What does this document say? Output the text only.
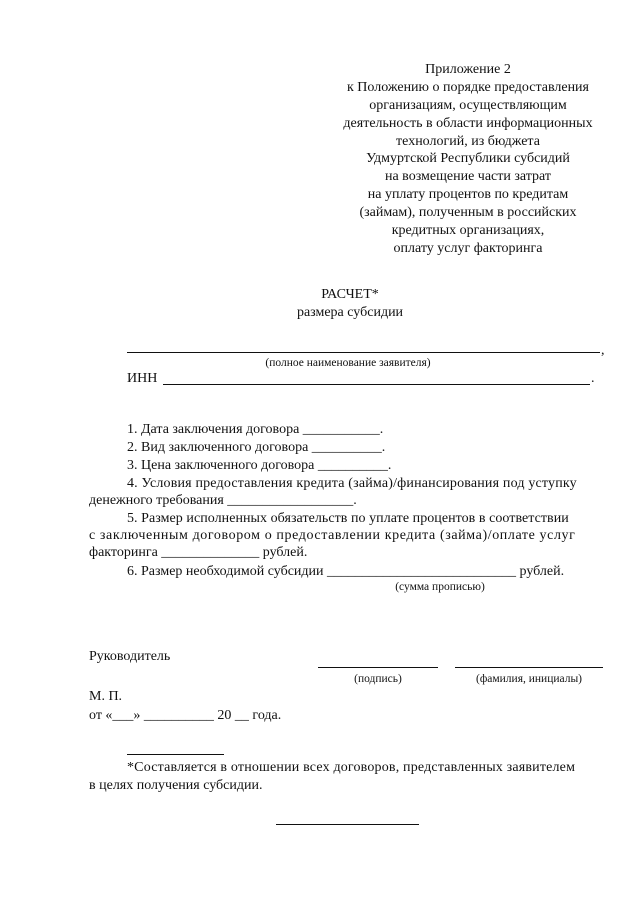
Приложение 2
к Положению о порядке предоставления
организациям, осуществляющим
деятельность в области информационных
технологий, из бюджета
Удмуртской Республики субсидий
на возмещение части затрат
на уплату процентов по кредитам
(займам), полученным в российских
кредитных организациях,
оплату услуг факторинга
РАСЧЕТ*
размера субсидии
,
(полное наименование заявителя)
ИНН	.
1. Дата заключения договора ___________.
2. Вид заключенного договора __________.
3. Цена заключенного договора __________.
4. Условия предоставления кредита (займа)/финансирования под уступку
денежного требования __________________.
5. Размер исполненных обязательств по уплате процентов в соответствии
с заключенным договором о предоставлении кредита (займа)/оплате услуг
факторинга ______________ рублей.
6. Размер необходимой субсидии ___________________________ рублей.
(сумма прописью)
Руководитель
(подпись)	(фамилия, инициалы)
М. П.
от «___» __________ 20 __ года.
*Составляется в отношении всех договоров, представленных заявителем
в целях получения субсидии.
